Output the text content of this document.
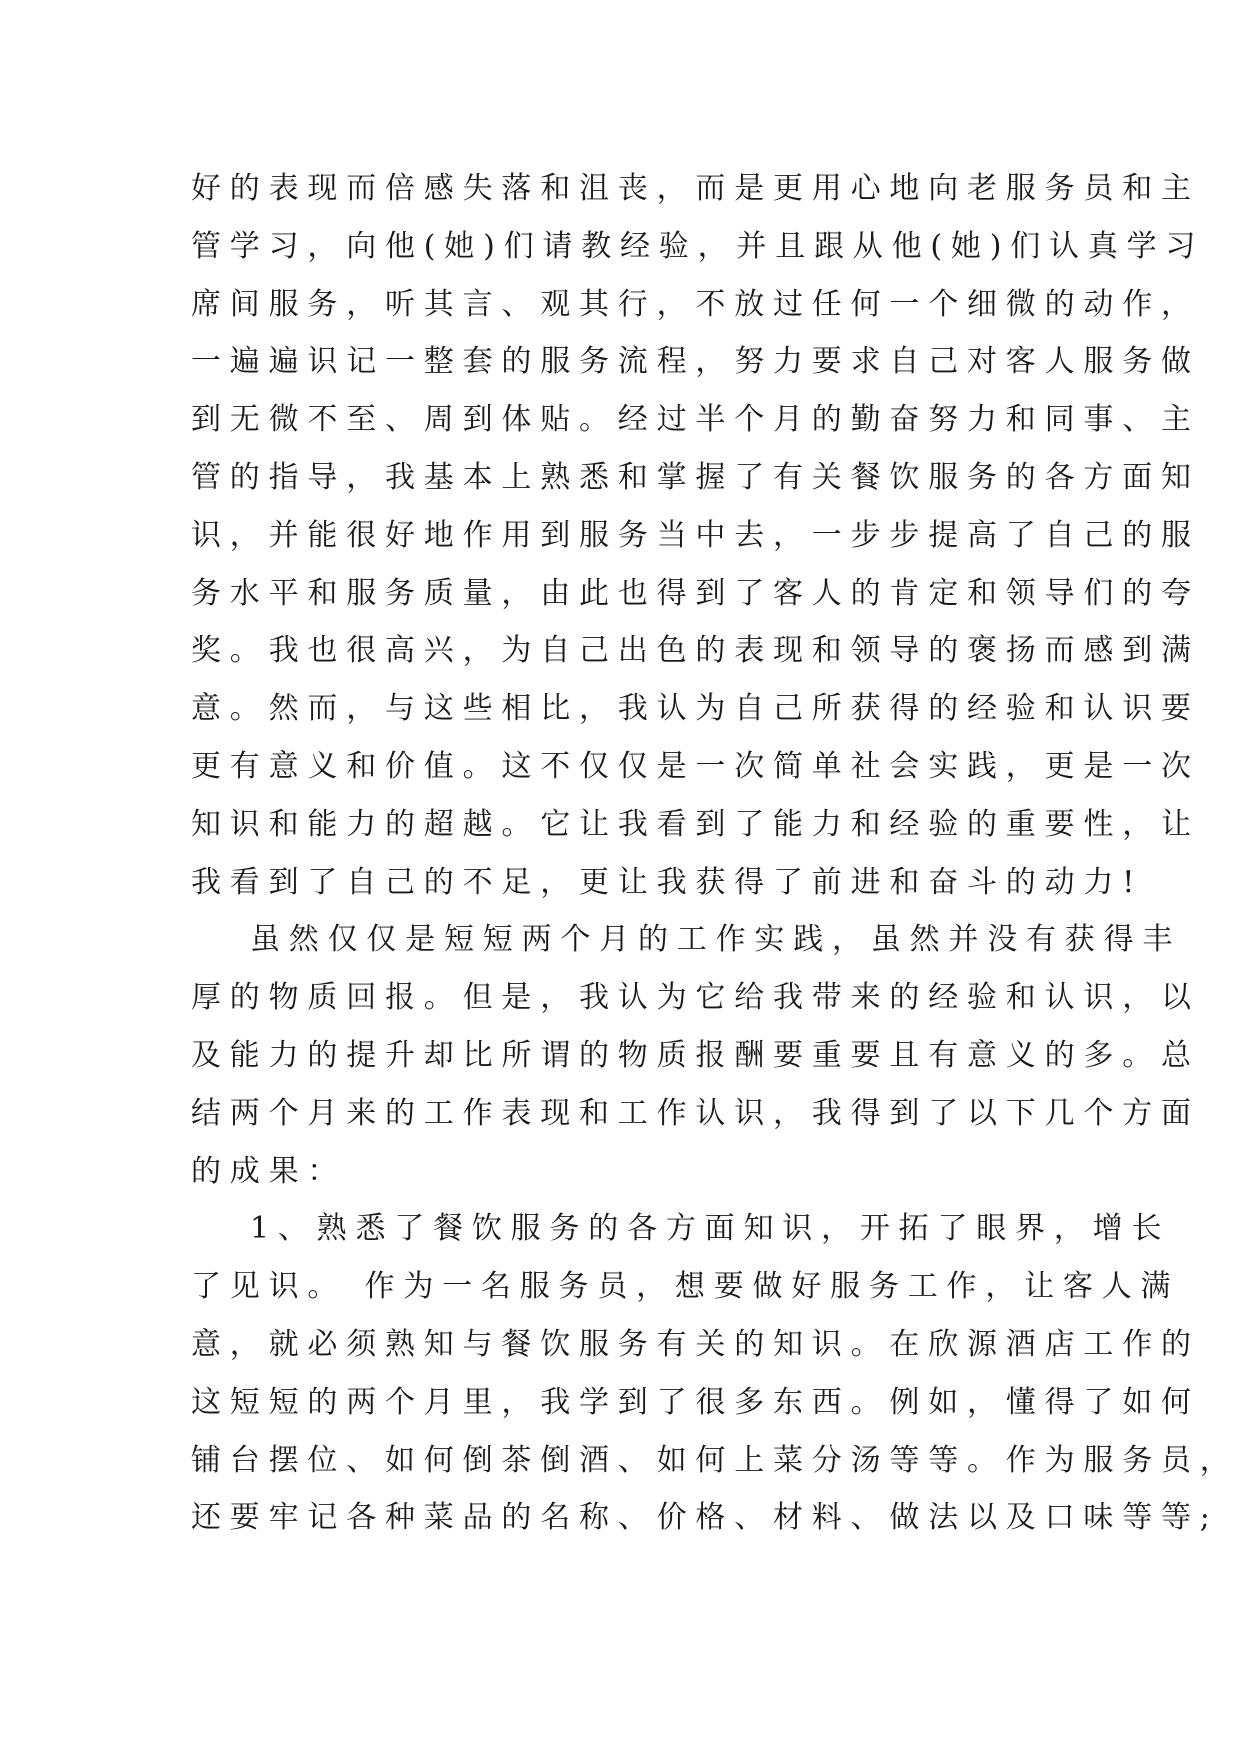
好的表现而倍感失落和沮丧，而是更用心地向老服务员和主
管学习，向他(她)们请教经验，并且跟从他(她)们认真学习
席间服务，听其言、观其行，不放过任何一个细微的动作，
一遍遍识记一整套的服务流程，努力要求自己对客人服务做
到无微不至、周到体贴。经过半个月的勤奋努力和同事、主
管的指导，我基本上熟悉和掌握了有关餐饮服务的各方面知
识，并能很好地作用到服务当中去，一步步提高了自己的服
务水平和服务质量，由此也得到了客人的肯定和领导们的夸
奖。我也很高兴，为自己出色的表现和领导的褒扬而感到满
意。然而，与这些相比，我认为自己所获得的经验和认识要
更有意义和价值。这不仅仅是一次简单社会实践，更是一次
知识和能力的超越。它让我看到了能力和经验的重要性，让
我看到了自己的不足，更让我获得了前进和奋斗的动力!
虽然仅仅是短短两个月的工作实践，虽然并没有获得丰
厚的物质回报。但是，我认为它给我带来的经验和认识，以
及能力的提升却比所谓的物质报酬要重要且有意义的多。总
结两个月来的工作表现和工作认识，我得到了以下几个方面
的成果：
1、熟悉了餐饮服务的各方面知识，开拓了眼界，增长
了见识。 作为一名服务员，想要做好服务工作，让客人满
意，就必须熟知与餐饮服务有关的知识。在欣源酒店工作的
这短短的两个月里，我学到了很多东西。例如，懂得了如何
铺台摆位、如何倒茶倒酒、如何上菜分汤等等。作为服务员，
还要牢记各种菜品的名称、价格、材料、做法以及口味等等;
